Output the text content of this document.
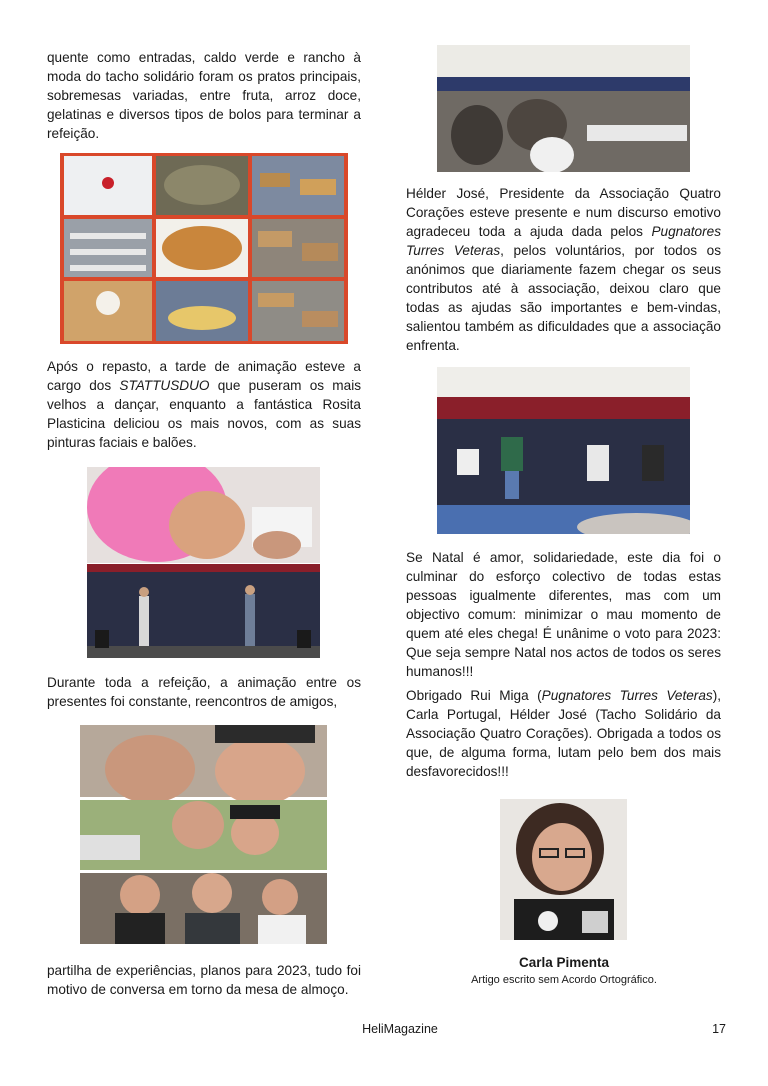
quente como entradas, caldo verde e rancho à moda do tacho solidário foram os pratos principais, sobremesas variadas, entre fruta, arroz doce, gelatinas e diversos tipos de bolos para terminar a refeição.
Após o repasto, a tarde de animação esteve a cargo dos STATTUSDUO que puseram os mais velhos a dançar, enquanto a fantástica Rosita Plasticina deliciou os mais novos, com as suas pinturas faciais e balões.
Durante toda a refeição, a animação entre os presentes foi constante, reencontros de amigos,
partilha de experiências, planos para 2023, tudo foi motivo de conversa em torno da mesa de almoço.
Hélder José, Presidente da Associação Quatro Corações esteve presente e num discurso emotivo agradeceu toda a ajuda dada pelos Pugnatores Turres Veteras, pelos voluntários, por todos os anónimos que diariamente fazem chegar os seus contributos até à associação, deixou claro que todas as ajudas são importantes e bem-vindas, salientou também as dificuldades que a associação enfrenta.
Se Natal é amor, solidariedade, este dia foi o culminar do esforço colectivo de todas estas pessoas igualmente diferentes, mas com um objectivo comum: minimizar o mau momento de quem até eles chega! É unânime o voto para 2023: Que seja sempre Natal nos actos de todos os seres humanos!!!
Obrigado Rui Miga (Pugnatores Turres Veteras), Carla Portugal, Hélder José (Tacho Solidário da Associação Quatro Corações). Obrigada a todos os que, de alguma forma, lutam pelo bem dos mais desfavorecidos!!!
Carla Pimenta
Artigo escrito sem Acordo Ortográfico.
HeliMagazine	17
